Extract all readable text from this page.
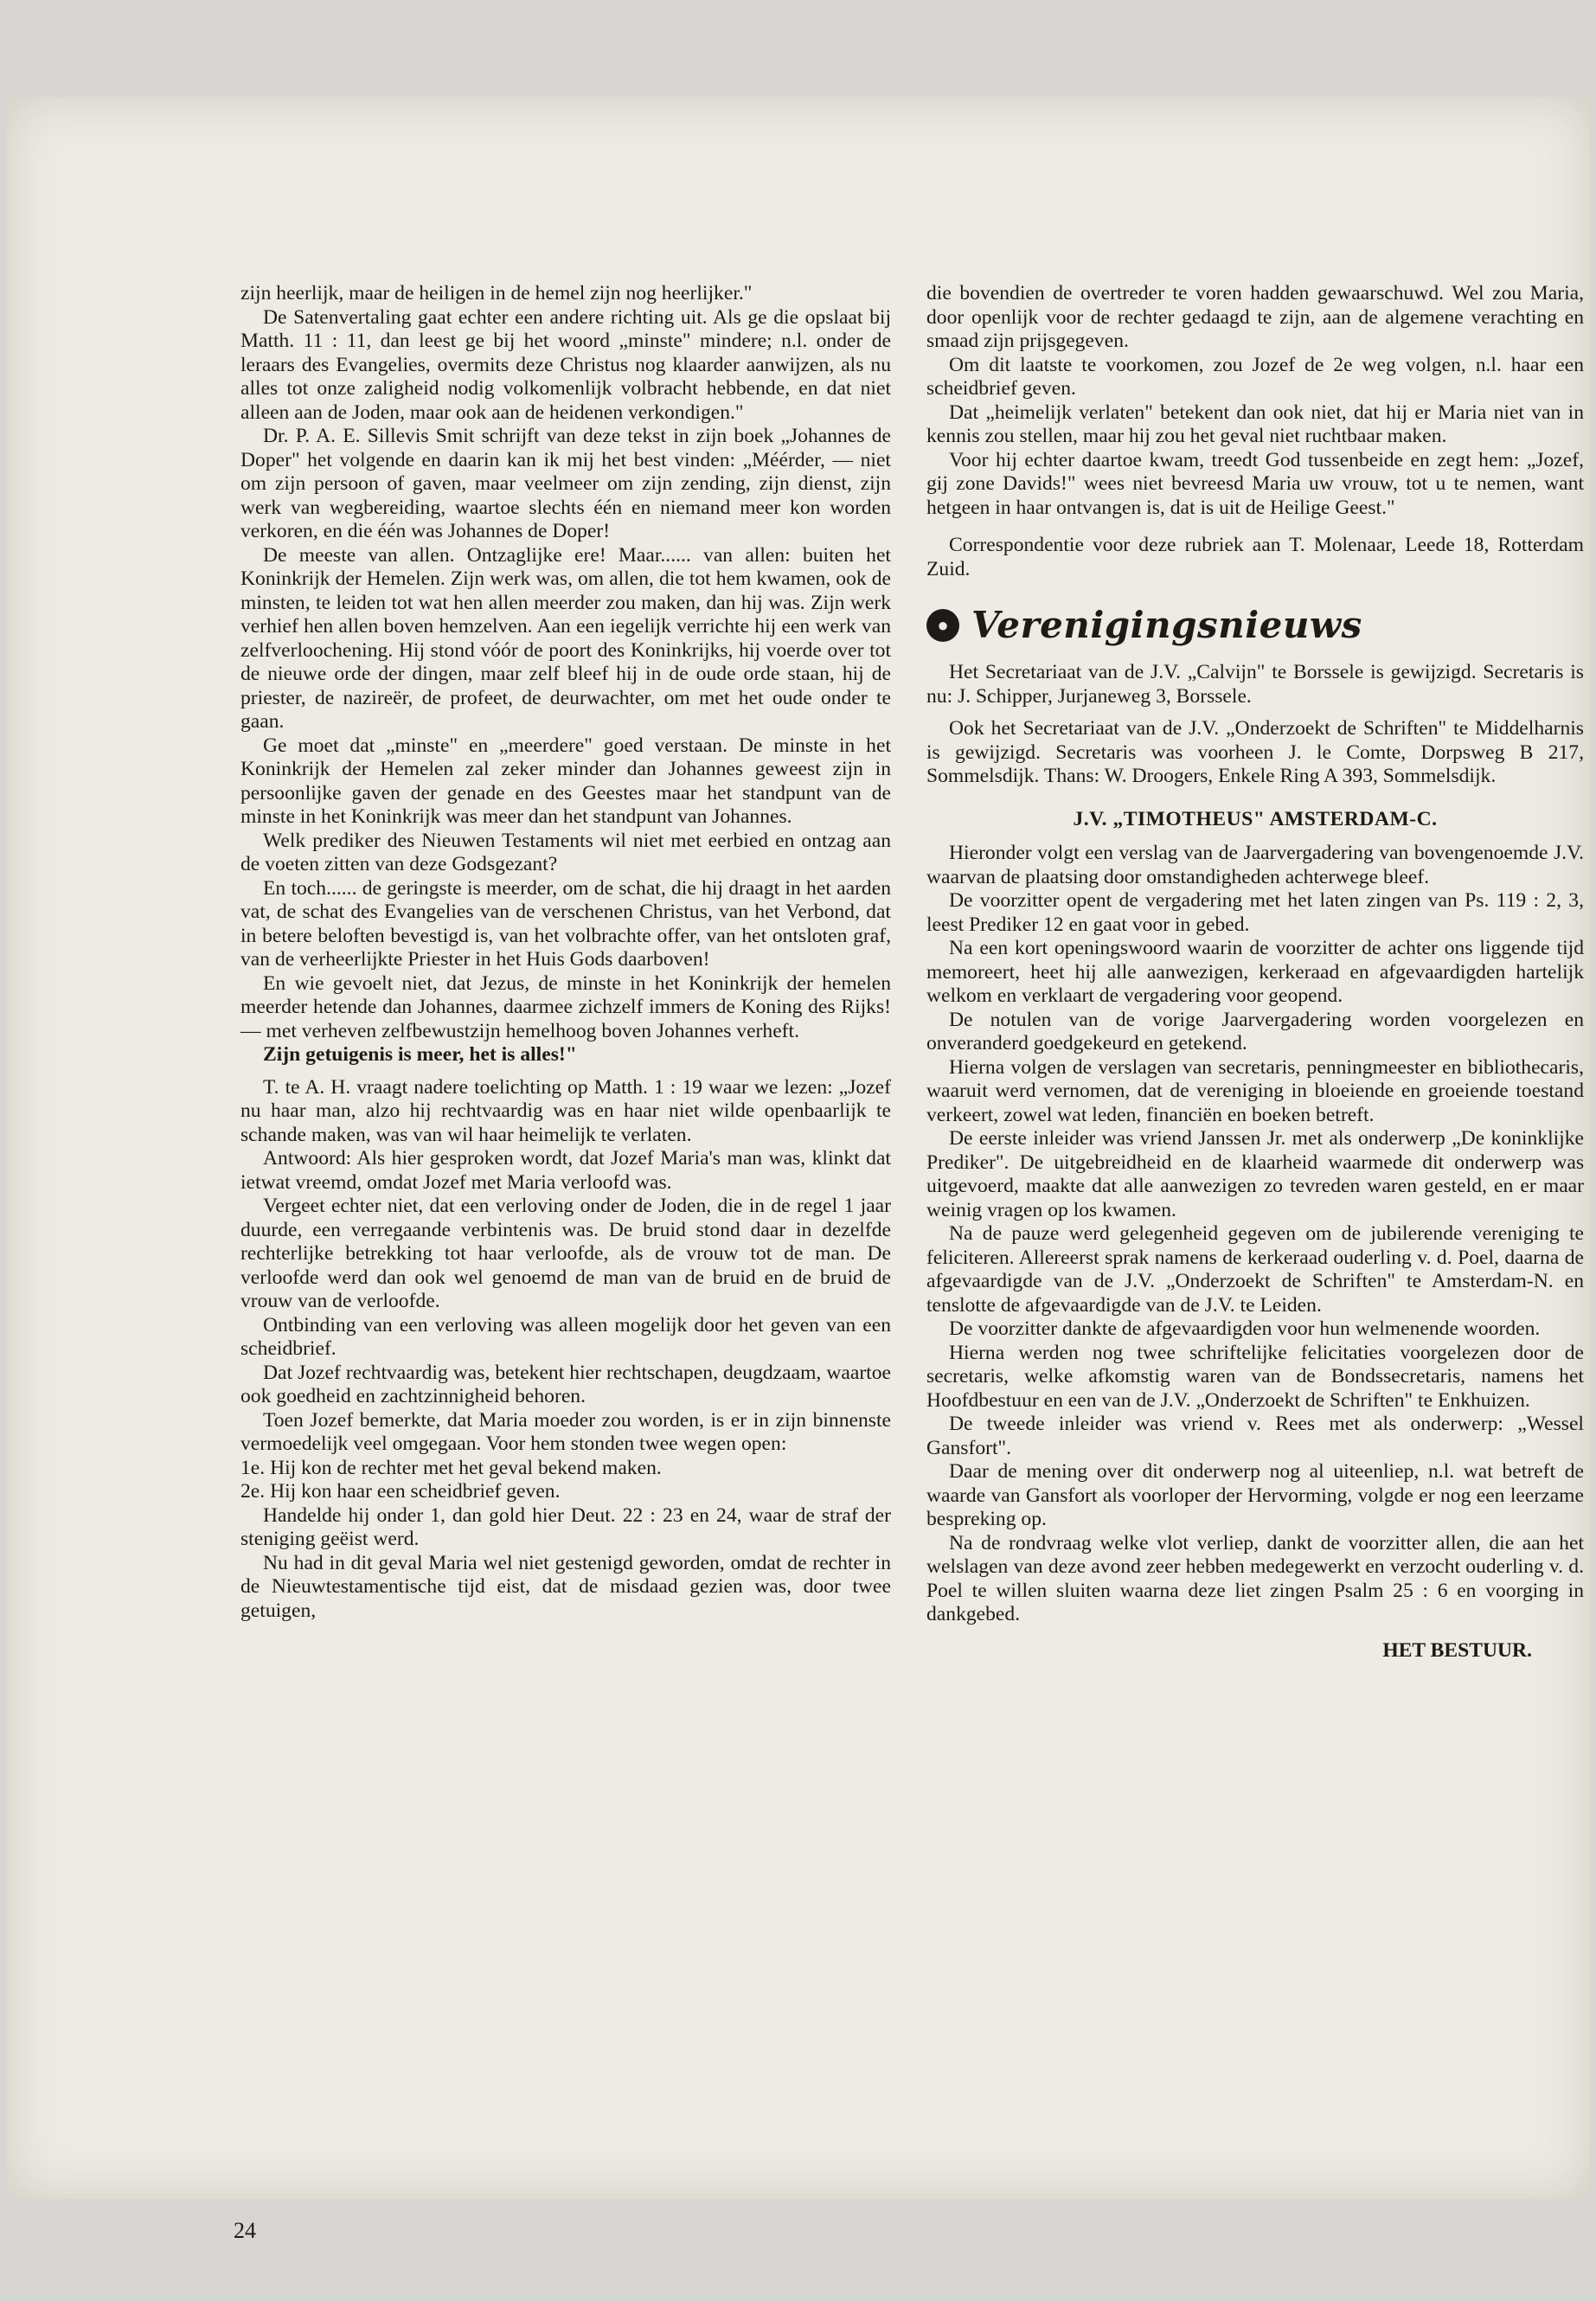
zijn heerlijk, maar de heiligen in de hemel zijn nog heerlijker."

De Satenvertaling gaat echter een andere richting uit. Als ge die opslaat bij Matth. 11 : 11, dan leest ge bij het woord „minste" mindere; n.l. onder de leraars des Evangelies, overmits deze Christus nog klaarder aanwijzen, als nu alles tot onze zaligheid nodig volkomenlijk volbracht hebbende, en dat niet alleen aan de Joden, maar ook aan de heidenen verkondigen."

Dr. P. A. E. Sillevis Smit schrijft van deze tekst in zijn boek „Johannes de Doper" het volgende en daarin kan ik mij het best vinden: „Méérder, — niet om zijn persoon of gaven, maar veelmeer om zijn zending, zijn dienst, zijn werk van wegbereiding, waartoe slechts één en niemand meer kon worden verkoren, en die één was Johannes de Doper!

De meeste van allen. Ontzaglijke ere! Maar...... van allen: buiten het Koninkrijk der Hemelen. Zijn werk was, om allen, die tot hem kwamen, ook de minsten, te leiden tot wat hen allen meerder zou maken, dan hij was. Zijn werk verhief hen allen boven hemzelven. Aan een iegelijk verrichte hij een werk van zelfverloochening. Hij stond vóór de poort des Koninkrijks, hij voerde over tot de nieuwe orde der dingen, maar zelf bleef hij in de oude orde staan, hij de priester, de nazireër, de profeet, de deurwachter, om met het oude onder te gaan.

Ge moet dat „minste" en „meerdere" goed verstaan. De minste in het Koninkrijk der Hemelen zal zeker minder dan Johannes geweest zijn in persoonlijke gaven der genade en des Geestes maar het standpunt van de minste in het Koninkrijk was meer dan het standpunt van Johannes.

Welk prediker des Nieuwen Testaments wil niet met eerbied en ontzag aan de voeten zitten van deze Godsgezant?

En toch...... de geringste is meerder, om de schat, die hij draagt in het aarden vat, de schat des Evangelies van de verschenen Christus, van het Verbond, dat in betere beloften bevestigd is, van het volbrachte offer, van het ontsloten graf, van de verheerlijkte Priester in het Huis Gods daarboven!

En wie gevoelt niet, dat Jezus, de minste in het Koninkrijk der hemelen meerder hetende dan Johannes, daarmee zichzelf immers de Koning des Rijks! — met verheven zelfbewustzijn hemelhoog boven Johannes verheft.

Zijn getuigenis is meer, het is alles!"

T. te A. H. vraagt nadere toelichting op Matth. 1 : 19 waar we lezen: „Jozef nu haar man, alzo hij rechtvaardig was en haar niet wilde openbaarlijk te schande maken, was van wil haar heimelijk te verlaten.

Antwoord: Als hier gesproken wordt, dat Jozef Maria's man was, klinkt dat ietwat vreemd, omdat Jozef met Maria verloofd was.

Vergeet echter niet, dat een verloving onder de Joden, die in de regel 1 jaar duurde, een verregaande verbintenis was. De bruid stond daar in dezelfde rechterlijke betrekking tot haar verloofde, als de vrouw tot de man. De verloofde werd dan ook wel genoemd de man van de bruid en de bruid de vrouw van de verloofde.

Ontbinding van een verloving was alleen mogelijk door het geven van een scheidbrief.

Dat Jozef rechtvaardig was, betekent hier rechtschapen, deugdzaam, waartoe ook goedheid en zachtzinnigheid behoren.

Toen Jozef bemerkte, dat Maria moeder zou worden, is er in zijn binnenste vermoedelijk veel omgegaan. Voor hem stonden twee wegen open:

1e. Hij kon de rechter met het geval bekend maken.

2e. Hij kon haar een scheidbrief geven.

Handelde hij onder 1, dan gold hier Deut. 22 : 23 en 24, waar de straf der steniging geëist werd.

Nu had in dit geval Maria wel niet gestenigd geworden, omdat de rechter in de Nieuwtestamentische tijd eist, dat de misdaad gezien was, door twee getuigen,

die bovendien de overtreder te voren hadden gewaarschuwd. Wel zou Maria, door openlijk voor de rechter gedaagd te zijn, aan de algemene verachting en smaad zijn prijsgegeven.

Om dit laatste te voorkomen, zou Jozef de 2e weg volgen, n.l. haar een scheidbrief geven.

Dat „heimelijk verlaten" betekent dan ook niet, dat hij er Maria niet van in kennis zou stellen, maar hij zou het geval niet ruchtbaar maken.

Voor hij echter daartoe kwam, treedt God tussenbeide en zegt hem: „Jozef, gij zone Davids!" wees niet bevreesd Maria uw vrouw, tot u te nemen, want hetgeen in haar ontvangen is, dat is uit de Heilige Geest."

Correspondentie voor deze rubriek aan T. Molenaar, Leede 18, Rotterdam Zuid.

● Verenigingsnieuws

Het Secretariaat van de J.V. „Calvijn" te Borssele is gewijzigd. Secretaris is nu: J. Schipper, Jurjaneweg 3, Borssele.

Ook het Secretariaat van de J.V. „Onderzoekt de Schriften" te Middelharnis is gewijzigd. Secretaris was voorheen J. le Comte, Dorpsweg B 217, Sommelsdijk. Thans: W. Droogers, Enkele Ring A 393, Sommelsdijk.

J.V. „TIMOTHEUS" AMSTERDAM-C.

Hieronder volgt een verslag van de Jaarvergadering van bovengenoemde J.V. waarvan de plaatsing door omstandigheden achterwege bleef.

De voorzitter opent de vergadering met het laten zingen van Ps. 119 : 2, 3, leest Prediker 12 en gaat voor in gebed.

Na een kort openingswoord waarin de voorzitter de achter ons liggende tijd memoreert, heet hij alle aanwezigen, kerkeraad en afgevaardigden hartelijk welkom en verklaart de vergadering voor geopend.

De notulen van de vorige Jaarvergadering worden voorgelezen en onveranderd goedgekeurd en getekend.

Hierna volgen de verslagen van secretaris, penningmeester en bibliothecaris, waaruit werd vernomen, dat de vereniging in bloeiende en groeiende toestand verkeert, zowel wat leden, financiën en boeken betreft.

De eerste inleider was vriend Janssen Jr. met als onderwerp „De koninklijke Prediker". De uitgebreidheid en de klaarheid waarmede dit onderwerp was uitgevoerd, maakte dat alle aanwezigen zo tevreden waren gesteld, en er maar weinig vragen op los kwamen.

Na de pauze werd gelegenheid gegeven om de jubilerende vereniging te feliciteren. Allereerst sprak namens de kerkeraad ouderling v. d. Poel, daarna de afgevaardigde van de J.V. „Onderzoekt de Schriften" te Amsterdam-N. en tenslotte de afgevaardigde van de J.V. te Leiden.

De voorzitter dankte de afgevaardigden voor hun welmenende woorden.

Hierna werden nog twee schriftelijke felicitaties voorgelezen door de secretaris, welke afkomstig waren van de Bondssecretaris, namens het Hoofdbestuur en een van de J.V. „Onderzoekt de Schriften" te Enkhuizen.

De tweede inleider was vriend v. Rees met als onderwerp: „Wessel Gansfort".

Daar de mening over dit onderwerp nog al uiteenliep, n.l. wat betreft de waarde van Gansfort als voorloper der Hervorming, volgde er nog een leerzame bespreking op.

Na de rondvraag welke vlot verliep, dankt de voorzitter allen, die aan het welslagen van deze avond zeer hebben medegewerkt en verzocht ouderling v. d. Poel te willen sluiten waarna deze liet zingen Psalm 25 : 6 en voorging in dankgebed.

HET BESTUUR.

24
